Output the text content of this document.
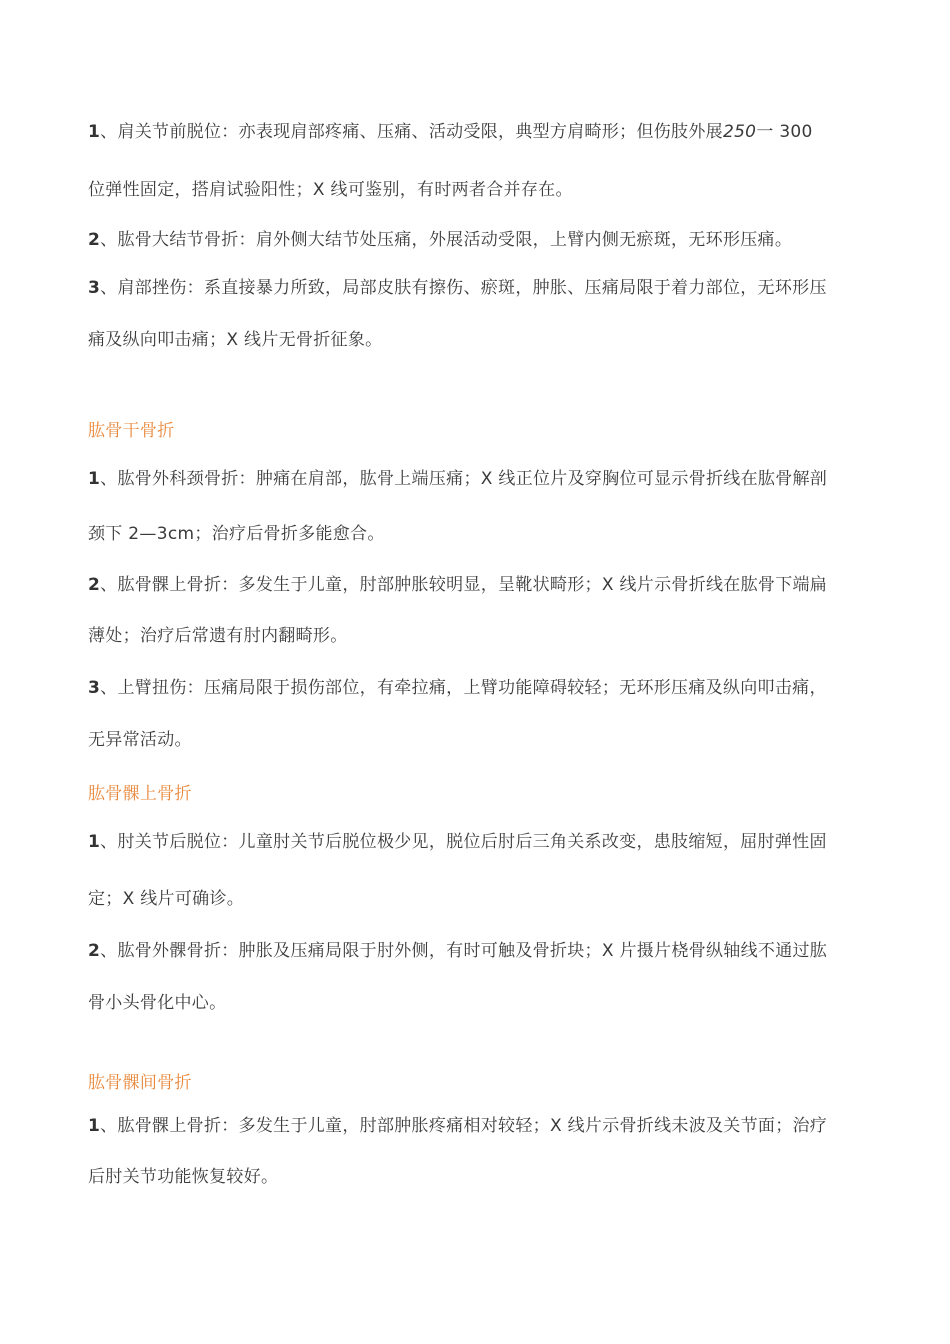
1、肩关节前脱位：亦表现肩部疼痛、压痛、活动受限，典型方肩畸形；但伤肢外展250一 300
位弹性固定，搭肩试验阳性；X 线可鉴别，有时两者合并存在。
2、肱骨大结节骨折：肩外侧大结节处压痛，外展活动受限，上臂内侧无瘀斑，无环形压痛。
3、肩部挫伤：系直接暴力所致，局部皮肤有擦伤、瘀斑，肿胀、压痛局限于着力部位，无环形压
痛及纵向叩击痛；X 线片无骨折征象。
肱骨干骨折
1、肱骨外科颈骨折：肿痛在肩部，肱骨上端压痛；X 线正位片及穿胸位可显示骨折线在肱骨解剖
颈下 2—3cm；治疗后骨折多能愈合。
2、肱骨髁上骨折：多发生于儿童，肘部肿胀较明显，呈靴状畸形；X 线片示骨折线在肱骨下端扁
薄处；治疗后常遗有肘内翻畸形。
3、上臂扭伤：压痛局限于损伤部位，有牵拉痛，上臂功能障碍较轻；无环形压痛及纵向叩击痛，
无异常活动。
肱骨髁上骨折
1、肘关节后脱位：儿童肘关节后脱位极少见，脱位后肘后三角关系改变，患肢缩短，屈肘弹性固
定；X 线片可确诊。
2、肱骨外髁骨折：肿胀及压痛局限于肘外侧，有时可触及骨折块；X 片摄片桡骨纵轴线不通过肱
骨小头骨化中心。
肱骨髁间骨折
1、肱骨髁上骨折：多发生于儿童，肘部肿胀疼痛相对较轻；X 线片示骨折线未波及关节面；治疗
后肘关节功能恢复较好。
